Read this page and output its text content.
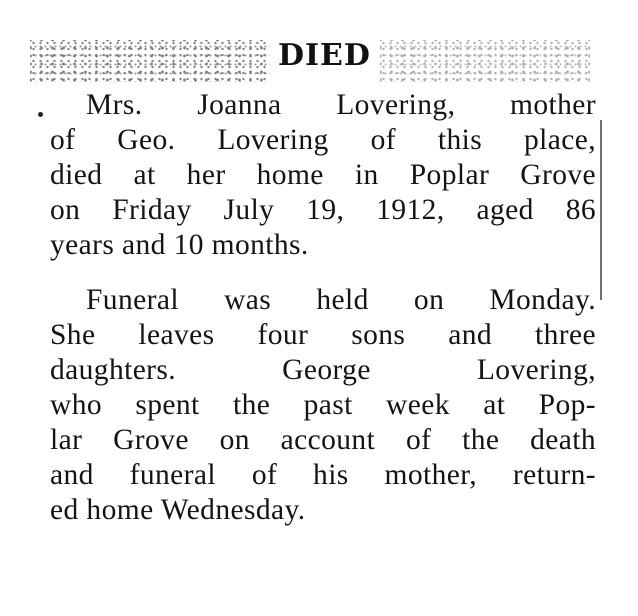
DIED
Mrs. Joanna Lovering, mother
of Geo. Lovering of this place,
died at her home in Poplar Grove
on Friday July 19, 1912, aged 86
years and 10 months.
Funeral was held on Monday.
She leaves four sons and three
daughters. George Lovering,
who spent the past week at Pop-
lar Grove on account of the death
and funeral of his mother, return-
ed home Wednesday.
